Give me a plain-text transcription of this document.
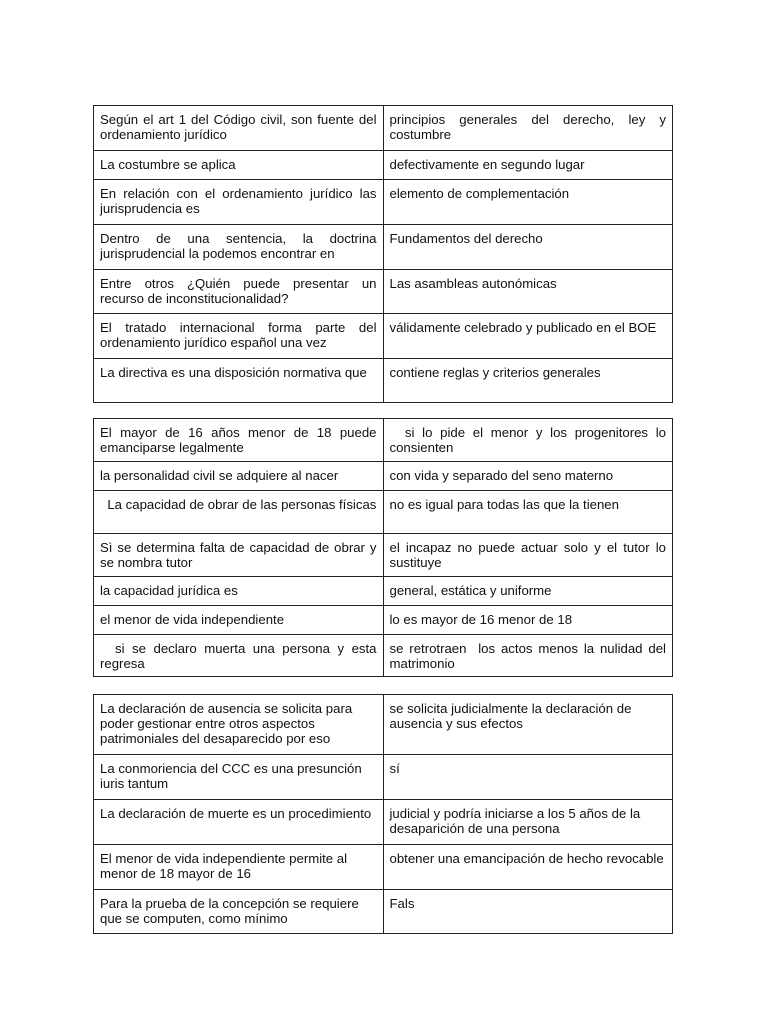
Según el art 1 del Código civil, son fuente del ordenamiento jurídico	principios generales del derecho, ley y costumbre
La costumbre se aplica	defectivamente en segundo lugar
En relación con el ordenamiento jurídico las jurisprudencia es	elemento de complementación
Dentro de una sentencia, la doctrina jurisprudencial la podemos encontrar en	Fundamentos del derecho
Entre otros ¿Quién puede presentar un recurso de inconstitucionalidad?	Las asambleas autonómicas
El tratado internacional forma parte del ordenamiento jurídico español una vez	válidamente celebrado y publicado en el BOE
La directiva es una disposición normativa que	contiene reglas y criterios generales
El mayor de 16 años menor de 18 puede emanciparse legalmente	si lo pide el menor y los progenitores lo consienten
la personalidad civil se adquiere al nacer	con vida y separado del seno materno
La capacidad de obrar de las personas físicas	no es igual para todas las que la tienen
Sì se determina falta de capacidad de obrar y se nombra tutor	el incapaz no puede actuar solo y el tutor lo sustituye
la capacidad jurídica es	general, estática y uniforme
el menor de vida independiente	lo es mayor de 16 menor de 18
si se declaro muerta una persona y esta regresa	se retrotraen  los actos menos la nulidad del matrimonio
La declaración de ausencia se solicita para poder gestionar entre otros aspectos patrimoniales del desaparecido por eso	se solicita judicialmente la declaración de ausencia y sus efectos
La conmoriencia del CCC es una presunción iuris tantum	sí
La declaración de muerte es un procedimiento	judicial y podría iniciarse a los 5 años de la desaparición de una persona
El menor de vida independiente permite al menor de 18 mayor de 16	obtener una emancipación de hecho revocable
Para la prueba de la concepción se requiere que se computen, como mínimo	Fals
